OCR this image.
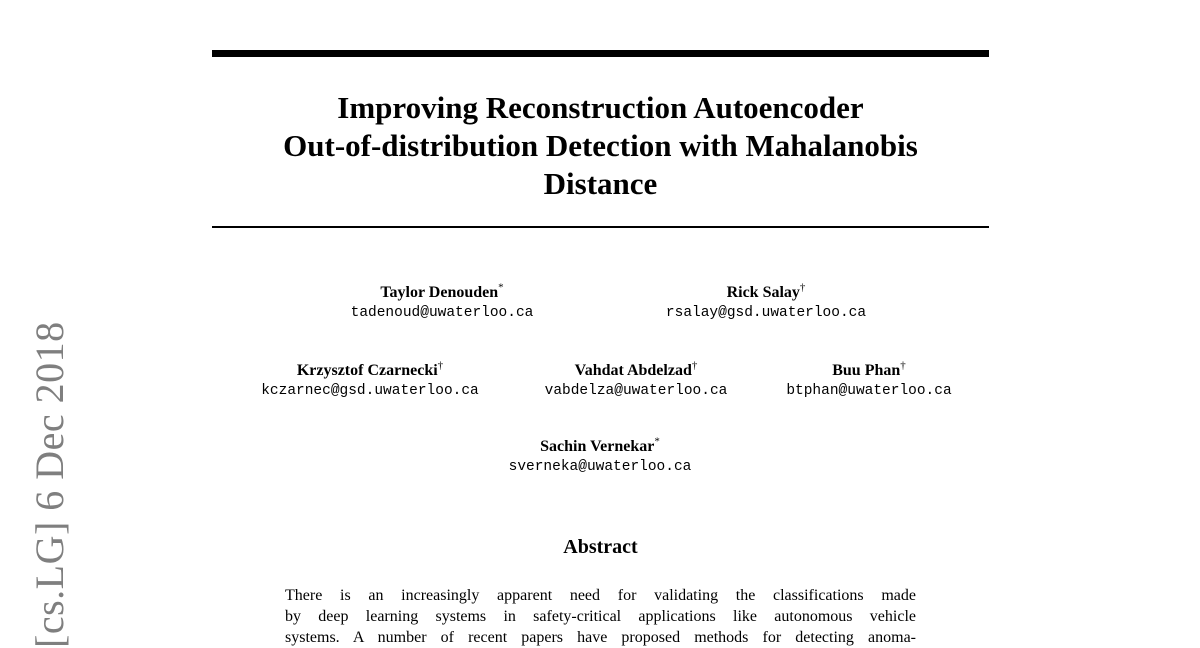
[cs.LG] 6 Dec 2018
Improving Reconstruction Autoencoder
Out-of-distribution Detection with Mahalanobis
Distance
Taylor Denouden*
tadenoud@uwaterloo.ca
Rick Salay†
rsalay@gsd.uwaterloo.ca
Krzysztof Czarnecki†
kczarnec@gsd.uwaterloo.ca
Vahdat Abdelzad†
vabdelza@uwaterloo.ca
Buu Phan†
btphan@uwaterloo.ca
Sachin Vernekar*
sverneka@uwaterloo.ca
Abstract
There is an increasingly apparent need for validating the classifications made
by deep learning systems in safety-critical applications like autonomous vehicle
systems. A number of recent papers have proposed methods for detecting anoma-
